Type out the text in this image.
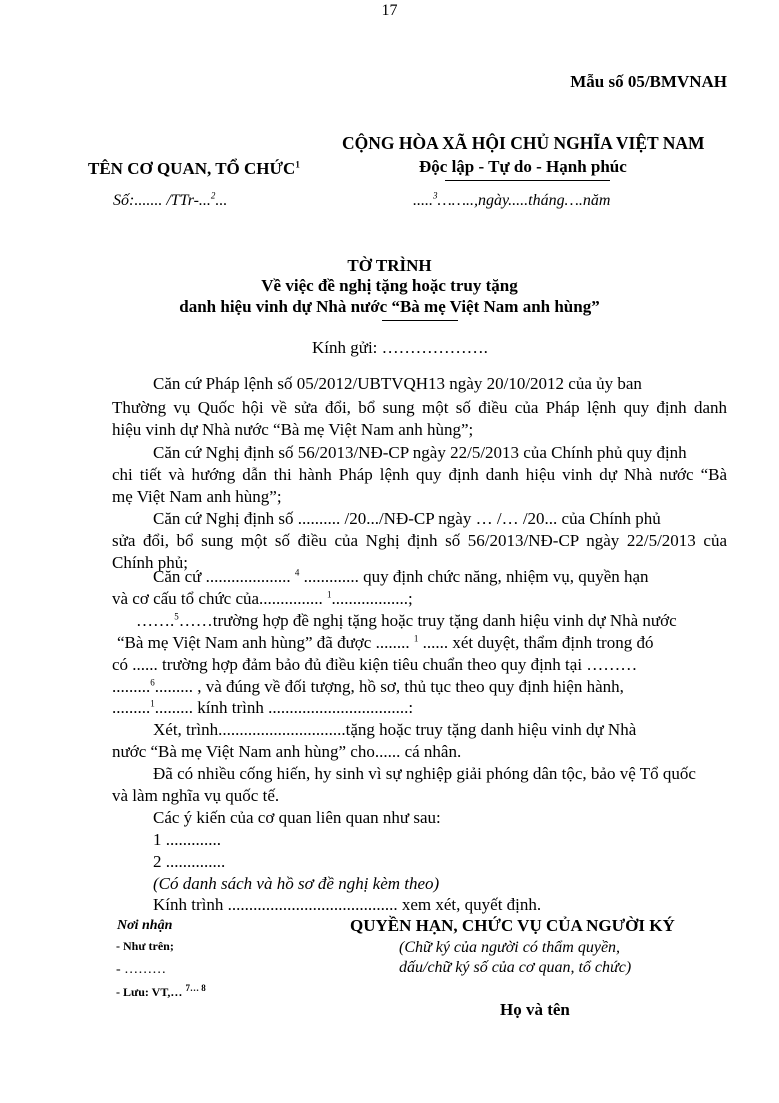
17
Mẫu số 05/BMVNAH
CỘNG HÒA XÃ HỘI CHỦ NGHĨA VIỆT NAM
TÊN CƠ QUAN, TỔ CHỨC$^1$	Độc lập - Tự do - Hạnh phúc
Số:....... /TTr-...$^2$...	.....$^3$……..,ngày.....tháng….năm
TỜ TRÌNH
Về việc đề nghị tặng hoặc truy tặng
danh hiệu vinh dự Nhà nước “Bà mẹ Việt Nam anh hùng”
Kính gửi: ……………….
Căn cứ Pháp lệnh số 05/2012/UBTVQH13 ngày 20/10/2012 của ủy ban
Thường vụ Quốc hội về sửa đổi, bổ sung một số điều của Pháp lệnh quy định danh
hiệu vinh dự Nhà nước “Bà mẹ Việt Nam anh hùng”;
Căn cứ Nghị định số 56/2013/NĐ-CP ngày 22/5/2013 của Chính phủ quy định
chi tiết và hướng dẫn thi hành Pháp lệnh quy định danh hiệu vinh dự Nhà nước “Bà
mẹ Việt Nam anh hùng”;
Căn cứ Nghị định số .......... /20.../NĐ-CP ngày … /… /20... của Chính phủ
sửa đổi, bổ sung một số điều của Nghị định số 56/2013/NĐ-CP ngày 22/5/2013 của
Chính phủ;
Căn cứ .................... $^4$ ............. quy định chức năng, nhiệm vụ, quyền hạn
và cơ cấu tổ chức của............... $^1$..................;
…….$^5$……trường hợp đề nghị tặng hoặc truy tặng danh hiệu vinh dự Nhà nước
“Bà mẹ Việt Nam anh hùng” đã được ........ $^1$ ...... xét duyệt, thẩm định trong đó
có ...... trường hợp đảm bảo đủ điều kiện tiêu chuẩn theo quy định tại ………
.........$^6$......... , và đúng về đối tượng, hồ sơ, thủ tục theo quy định hiện hành,
.........$^1$......... kính trình .................................:
Xét, trình..............................tặng hoặc truy tặng danh hiệu vinh dự Nhà
nước “Bà mẹ Việt Nam anh hùng” cho...... cá nhân.
Đã có nhiều cống hiến, hy sinh vì sự nghiệp giải phóng dân tộc, bảo vệ Tổ quốc
và làm nghĩa vụ quốc tế.
Các ý kiến của cơ quan liên quan như sau:
1 .............
2 ..............
(Có danh sách và hồ sơ đề nghị kèm theo)
Kính trình ........................................ xem xét, quyết định.
Nơi nhận
- Như trên;
- ………
- Lưu: VT,… $^{7\dots 8}$
QUYỀN HẠN, CHỨC VỤ CỦA NGƯỜI KÝ
(Chữ ký của người có thẩm quyền,
dấu/chữ ký số của cơ quan, tổ chức)
Họ và tên
